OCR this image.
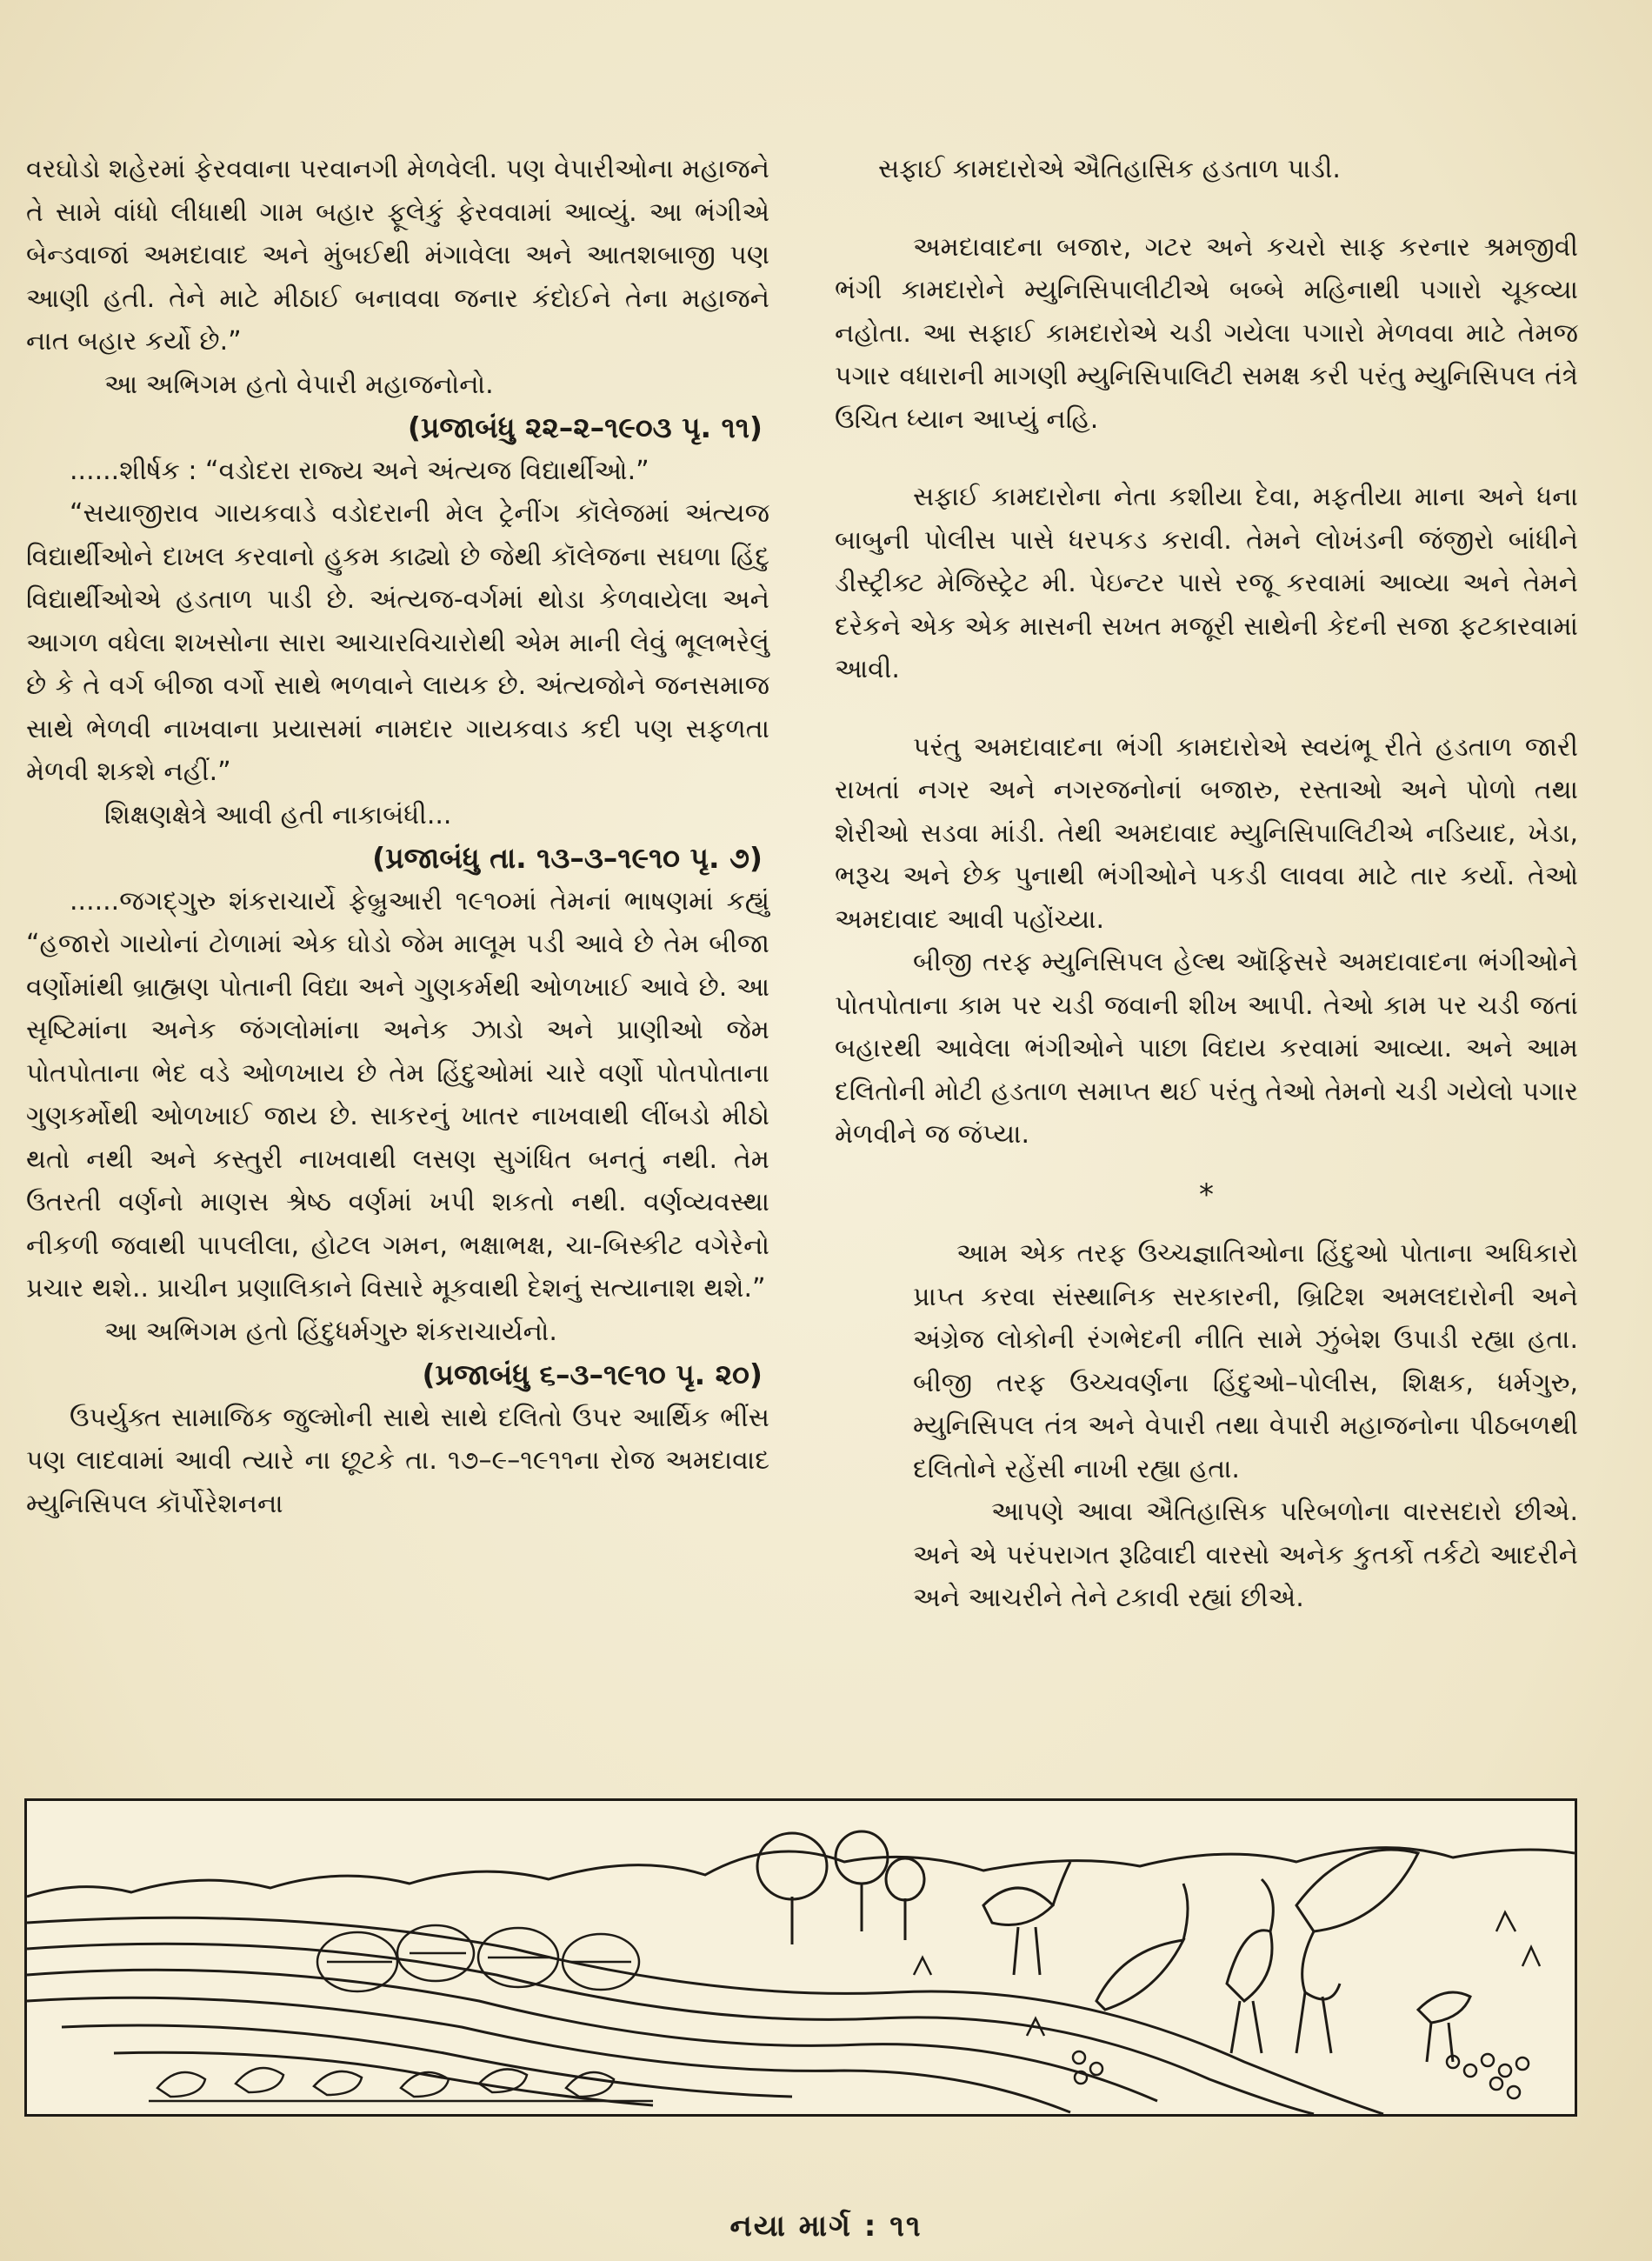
વરઘોડો શહેરમાં ફેરવવાના પરવાનગી મેળવેલી. પણ વેપારીઓના મહાજને તે સામે વાંધો લીધાથી ગામ બહાર ફૂલેકું ફેરવવામાં આવ્યું. આ ભંગીએ બેન્ડવાજાં અમદાવાદ અને મુંબઈથી મંગાવેલા અને આતશબાજી પણ આણી હતી. તેને માટે મીઠાઈ બનાવવા જનાર કંદોઈને તેના મહાજને નાત બહાર કર્યો છે.”

આ અભિગમ હતો વેપારી મહાજનોનો.

(પ્રજાબંધુ ૨૨–૨–૧૯૦૩ પૃ. ૧૧)

......શીર્ષક : “વડોદરા રાજ્ય અને અંત્યજ વિદ્યાર્થીઓ.”

“સયાજીરાવ ગાયકવાડે વડોદરાની મેલ ટ્રેનીંગ કૉલેજમાં અંત્યજ વિદ્યાર્થીઓને દાખલ કરવાનો હુકમ કાઢ્યો છે જેથી કૉલેજના સઘળા હિંદુ વિદ્યાર્થીઓએ હડતાળ પાડી છે. અંત્યજ-વર્ગમાં થોડા કેળવાયેલા અને આગળ વધેલા શખસોના સારા આચારવિચારોથી એમ માની લેવું ભૂલભરેલું છે કે તે વર્ગ બીજા વર્ગો સાથે ભળવાને લાયક છે. અંત્યજોને જનસમાજ સાથે ભેળવી નાખવાના પ્રયાસમાં નામદાર ગાયકવાડ કદી પણ સફળતા મેળવી શકશે નહીં.”

શિક્ષણક્ષેત્રે આવી હતી નાકાબંધી...

(પ્રજાબંધુ તા. ૧૩–૩–૧૯૧૦ પૃ. ૭)

......જગદ્ગુરુ શંકરાચાર્યે ફેબ્રુઆરી ૧૯૧૦માં તેમનાં ભાષણમાં કહ્યું “હજારો ગાયોનાં ટોળામાં એક ઘોડો જેમ માલૂમ પડી આવે છે તેમ બીજા વર્ણોમાંથી બ્રાહ્મણ પોતાની વિદ્યા અને ગુણકર્મથી ઓળખાઈ આવે છે. આ સૃષ્ટિમાંના અનેક જંગલોમાંના અનેક ઝાડો અને પ્રાણીઓ જેમ પોતપોતાના ભેદ વડે ઓળખાય છે તેમ હિંદુઓમાં ચારે વર્ણો પોતપોતાના ગુણકર્મોથી ઓળખાઈ જાય છે. સાકરનું ખાતર નાખવાથી લીંબડો મીઠો થતો નથી અને કસ્તુરી નાખવાથી લસણ સુગંધિત બનતું નથી. તેમ ઉતરતી વર્ણનો માણસ શ્રેષ્ઠ વર્ણમાં ખપી શકતો નથી. વર્ણવ્યવસ્થા નીકળી જવાથી પાપલીલા, હોટલ ગમન, ભક્ષાભક્ષ, ચા-બિસ્કીટ વગેરેનો પ્રચાર થશે.. પ્રાચીન પ્રણાલિકાને વિસારે મૂકવાથી દેશનું સત્યાનાશ થશે.”

આ અભિગમ હતો હિંદુધર્મગુરુ શંકરાચાર્યનો.

(પ્રજાબંધુ ૬–૩–૧૯૧૦ પૃ. ૨૦)

ઉપર્યુક્ત સામાજિક જુલ્મોની સાથે સાથે દલિતો ઉપર આર્થિક ભીંસ પણ લાદવામાં આવી ત્યારે ના છૂટકે તા. ૧૭–૯–૧૯૧૧ના રોજ અમદાવાદ મ્યુનિસિપલ કૉર્પોરેશનના

સફાઈ કામદારોએ ઐતિહાસિક હડતાળ પાડી.

અમદાવાદના બજાર, ગટર અને કચરો સાફ કરનાર શ્રમજીવી ભંગી કામદારોને મ્યુનિસિપાલીટીએ બબ્બે મહિનાથી પગારો ચૂકવ્યા નહોતા. આ સફાઈ કામદારોએ ચડી ગયેલા પગારો મેળવવા માટે તેમજ પગાર વધારાની માગણી મ્યુનિસિપાલિટી સમક્ષ કરી પરંતુ મ્યુનિસિપલ તંત્રે ઉચિત ધ્યાન આપ્યું નહિ.

સફાઈ કામદારોના નેતા કશીયા દેવા, મફતીયા માના અને ધના બાબુની પોલીસ પાસે ધરપકડ કરાવી. તેમને લોખંડની જંજીરો બાંધીને ડીસ્ટ્રીક્ટ મેજિસ્ટ્રેટ મી. પેઇન્ટર પાસે રજૂ કરવામાં આવ્યા અને તેમને દરેકને એક એક માસની સખત મજૂરી સાથેની કેદની સજા ફટકારવામાં આવી.

પરંતુ અમદાવાદના ભંગી કામદારોએ સ્વયંભૂ રીતે હડતાળ જારી રાખતાં નગર અને નગરજનોનાં બજારુ, રસ્તાઓ અને પોળો તથા શેરીઓ સડવા માંડી. તેથી અમદાવાદ મ્યુનિસિપાલિટીએ નડિયાદ, ખેડા, ભરૂચ અને છેક પુનાથી ભંગીઓને પકડી લાવવા માટે તાર કર્યો. તેઓ અમદાવાદ આવી પહોંચ્યા.

બીજી તરફ મ્યુનિસિપલ હેલ્થ ઑફિસરે અમદાવાદના ભંગીઓને પોતપોતાના કામ પર ચડી જવાની શીખ આપી. તેઓ કામ પર ચડી જતાં બહારથી આવેલા ભંગીઓને પાછા વિદાય કરવામાં આવ્યા. અને આમ દલિતોની મોટી હડતાળ સમાપ્ત થઈ પરંતુ તેઓ તેમનો ચડી ગયેલો પગાર મેળવીને જ જંપ્યા.

*

આમ એક તરફ ઉચ્ચજ્ઞાતિઓના હિંદુઓ પોતાના અધિકારો પ્રાપ્ત કરવા સંસ્થાનિક સરકારની, બ્રિટિશ અમલદારોની અને અંગ્રેજ લોકોની રંગભેદની નીતિ સામે ઝુંબેશ ઉપાડી રહ્યા હતા. બીજી તરફ ઉચ્ચવર્ણના હિંદુઓ–પોલીસ, શિક્ષક, ધર્મગુરુ, મ્યુનિસિપલ તંત્ર અને વેપારી તથા વેપારી મહાજનોના પીઠબળથી દલિતોને રહેંસી નાખી રહ્યા હતા.

આપણે આવા ઐતિહાસિક પરિબળોના વારસદારો છીએ. અને એ પરંપરાગત રૂઢિવાદી વારસો અનેક કુતર્કો તર્કટો આદરીને અને આચરીને તેને ટકાવી રહ્યાં છીએ.

નયા માર્ગ : ૧૧
